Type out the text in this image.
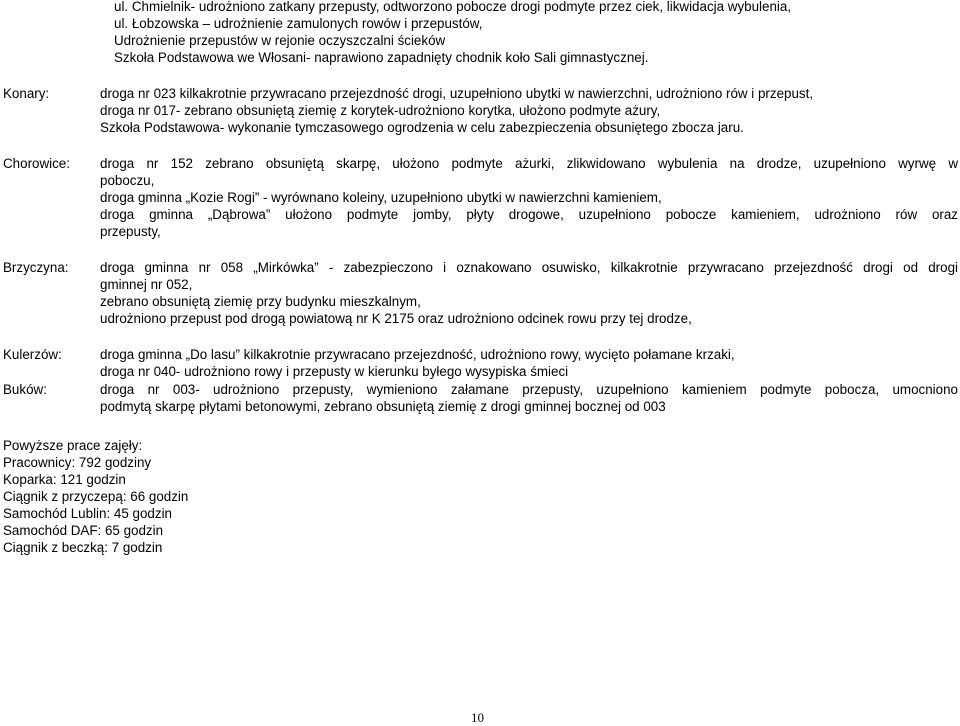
ul. Chmielnik- udrożniono zatkany przepusty, odtworzono pobocze drogi podmyte przez ciek, likwidacja wybulenia,
ul. Łobzowska – udrożnienie zamulonych rowów i przepustów,
Udrożnienie przepustów w rejonie oczyszczalni ścieków
Szkoła Podstawowa we Włosani- naprawiono zapadnięty chodnik koło Sali gimnastycznej.
Konary:	droga nr 023 kilkakrotnie przywracano przejezdność drogi, uzupełniono ubytki w nawierzchni, udrożniono rów i przepust,
droga nr 017- zebrano obsuniętą ziemię z korytek-udrożniono korytka, ułożono podmyte ażury,
Szkoła Podstawowa- wykonanie tymczasowego ogrodzenia w celu zabezpieczenia obsuniętego zbocza jaru.
Chorowice: droga nr 152 zebrano obsuniętą skarpę, ułożono podmyte ażurki, zlikwidowano wybulenia na drodze, uzupełniono wyrwę w
poboczu,
droga gminna „Kozie Rogi” - wyrównano koleiny, uzupełniono ubytki w nawierzchni kamieniem,
droga gminna „Dąbrowa” ułożono podmyte jomby, płyty drogowe, uzupełniono pobocze kamieniem, udrożniono rów oraz
przepusty,
Brzyczyna: droga gminna nr 058 „Mirkówka” - zabezpieczono i oznakowano osuwisko, kilkakrotnie przywracano przejezdność drogi od drogi
gminnej nr 052,
zebrano obsuniętą ziemię przy budynku mieszkalnym,
udrożniono przepust pod drogą powiatową nr K 2175 oraz udrożniono odcinek rowu przy tej drodze,
Kulerzów:	droga gminna „Do lasu” kilkakrotnie przywracano przejezdność, udrożniono rowy, wycięto połamane krzaki,
droga nr 040- udrożniono rowy i przepusty w kierunku byłego wysypiska śmieci
Buków:	droga nr 003- udrożniono przepusty, wymieniono załamane przepusty, uzupełniono kamieniem podmyte pobocza, umocniono
podmytą skarpę płytami betonowymi, zebrano obsuniętą ziemię z drogi gminnej bocznej od 003
Powyższe prace zajęły:
Pracownicy: 792 godziny
Koparka: 121 godzin
Ciągnik z przyczepą: 66 godzin
Samochód Lublin: 45 godzin
Samochód DAF: 65 godzin
Ciągnik z beczką: 7 godzin
10
